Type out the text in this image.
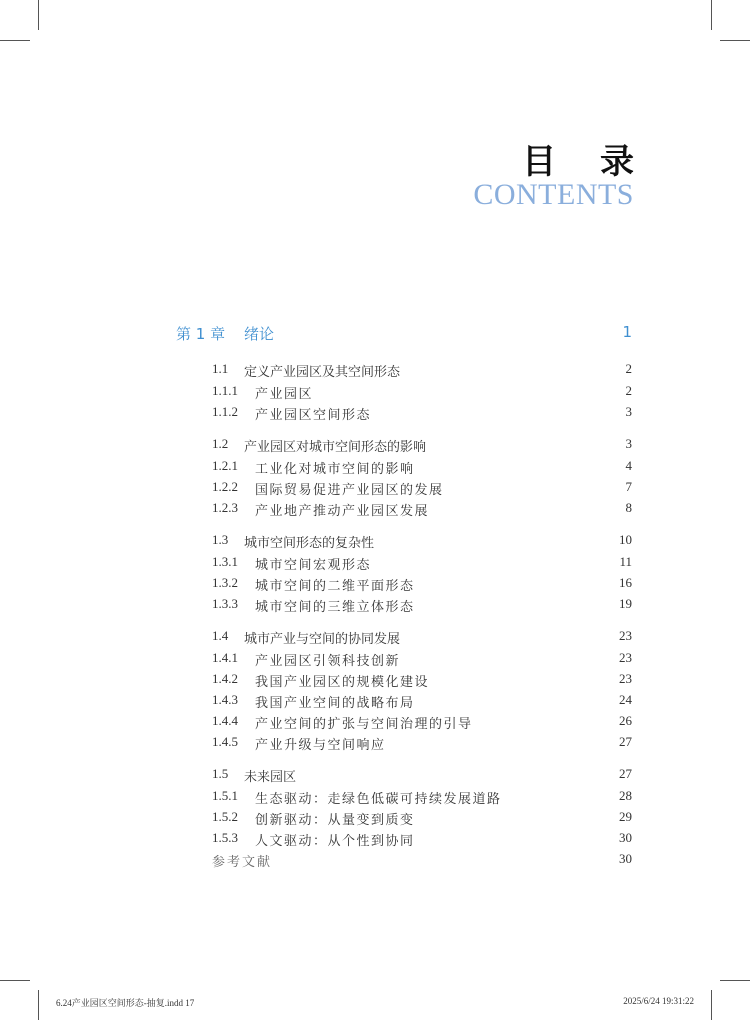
目 录
CONTENTS
第 1 章 绪论	1
1.1 定义产业园区及其空间形态	2
1.1.1 产业园区	2
1.1.2 产业园区空间形态	3
1.2 产业园区对城市空间形态的影响	3
1.2.1 工业化对城市空间的影响	4
1.2.2 国际贸易促进产业园区的发展	7
1.2.3 产业地产推动产业园区发展	8
1.3 城市空间形态的复杂性	10
1.3.1 城市空间宏观形态	11
1.3.2 城市空间的二维平面形态	16
1.3.3 城市空间的三维立体形态	19
1.4 城市产业与空间的协同发展	23
1.4.1 产业园区引领科技创新	23
1.4.2 我国产业园区的规模化建设	23
1.4.3 我国产业空间的战略布局	24
1.4.4 产业空间的扩张与空间治理的引导	26
1.4.5 产业升级与空间响应	27
1.5 未来园区	27
1.5.1 生态驱动：走绿色低碳可持续发展道路	28
1.5.2 创新驱动：从量变到质变	29
1.5.3 人文驱动：从个性到协同	30
参考文献	30
6.24产业园区空间形态-抽复.indd 17	2025/6/24 19:31:22
